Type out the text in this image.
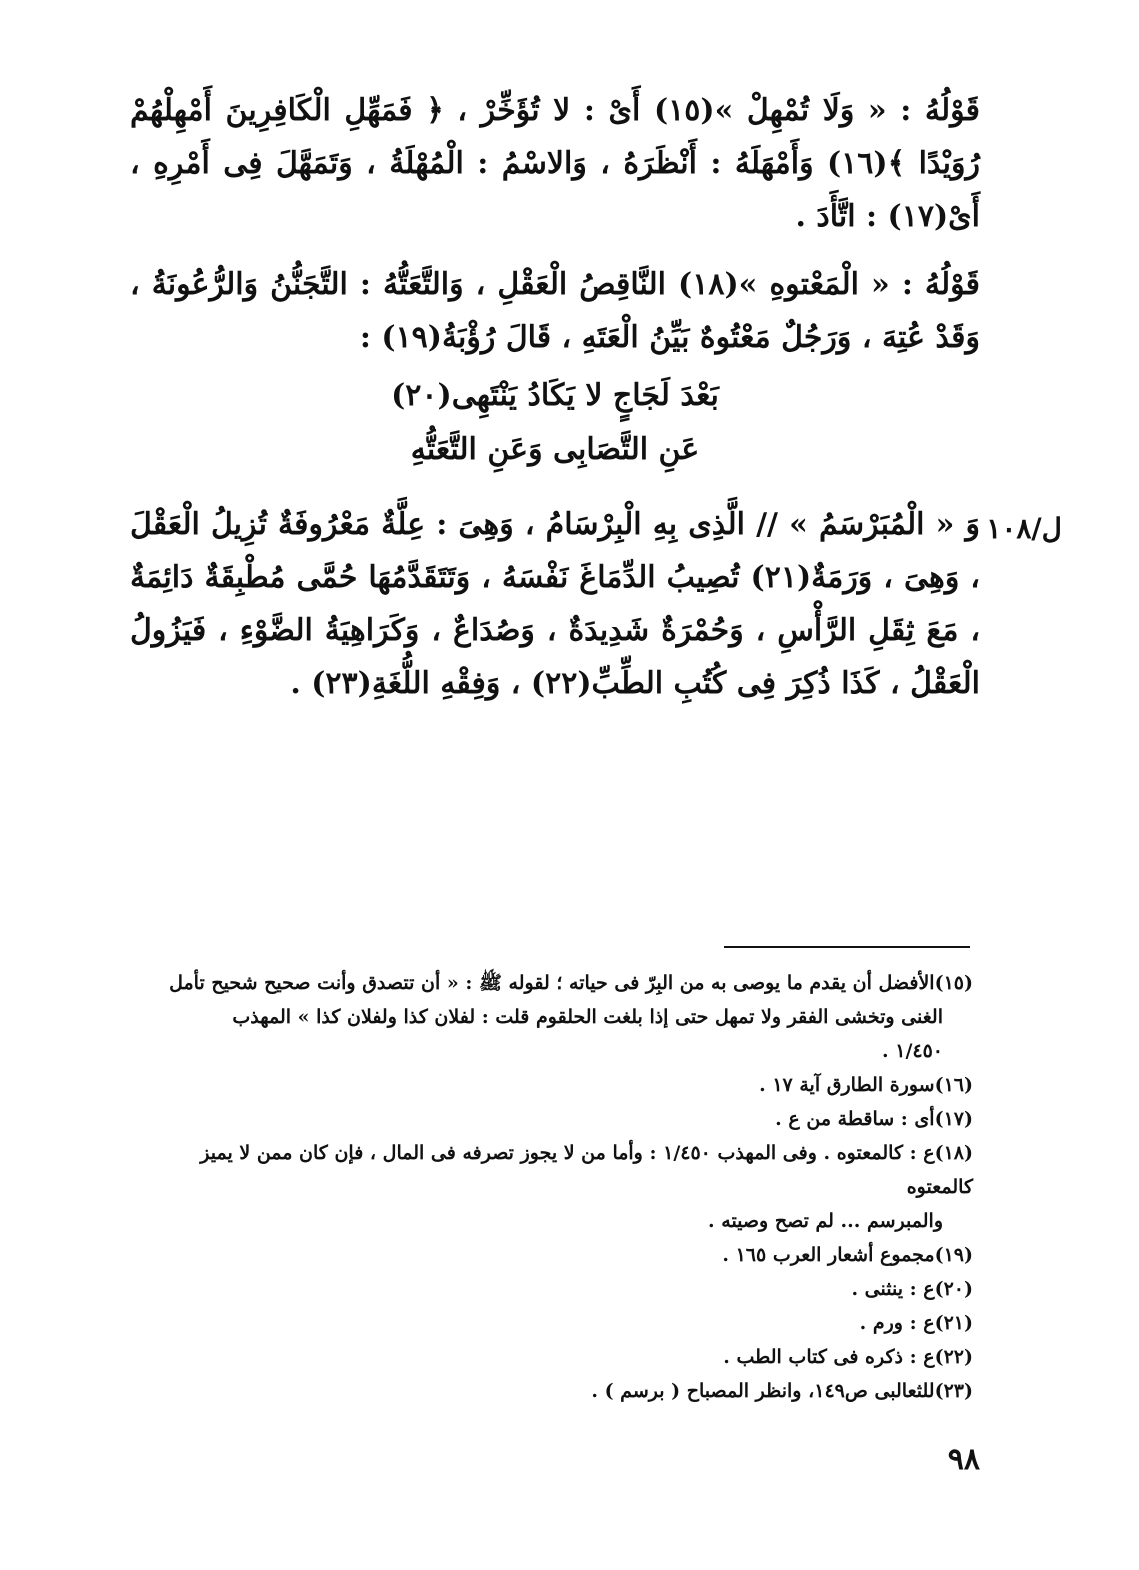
قَوْلُهُ : « وَلَا تُمْهِلْ »(١٥) أَىْ : لا تُؤَخِّرْ ، ﴿ فَمَهِّلِ الْكَافِرِينَ أَمْهِلْهُمْ رُوَيْدًا ﴾(١٦) وَأَمْهَلَهُ : أَنْظَرَهُ ، وَالاسْمُ : الْمُهْلَةُ ، وَتَمَهَّلَ فِى أَمْرِهِ ، أَىْ(١٧) : اتَّأَدَ .

قَوْلُهُ : « الْمَعْتوهِ »(١٨) النَّاقِصُ الْعَقْلِ ، وَالتَّعَتُّهُ : التَّجَنُّنُ وَالرُّعُونَةُ ، وَقَدْ عُتِهَ ، وَرَجُلٌ مَعْتُوهٌ بَيِّنُ الْعَتَهِ ، قَالَ رُؤْبَةُ(١٩) :

بَعْدَ لَجَاجٍ لا يَكَادُ يَنْتَهِى(٢٠)
عَنِ التَّصَابِى وَعَنِ التَّعَتُّهِ
ل/١٠٨

وَ « الْمُبَرْسَمُ » // الَّذِى بِهِ الْبِرْسَامُ ، وَهِىَ : عِلَّةٌ مَعْرُوفَةٌ تُزِيلُ الْعَقْلَ ، وَهِىَ ، وَرَمَةٌ(٢١) تُصِيبُ الدِّمَاغَ نَفْسَهُ ، وَتَتَقَدَّمُهَا حُمَّى مُطْبِقَةٌ دَائِمَةٌ ، مَعَ ثِقَلِ الرَّأْسِ ، وَحُمْرَةٌ شَدِيدَةٌ ، وَصُدَاعٌ ، وَكَرَاهِيَةُ الضَّوْءِ ، فَيَزُولُ الْعَقْلُ ، كَذَا ذُكِرَ فِى كُتُبِ الطِّبِّ(٢٢) ، وَفِقْهِ اللُّغَةِ(٢٣) .

(١٥)الأفضل أن يقدم ما يوصى به من البِرّ فى حياته ؛ لقوله ﷺ : « أن تتصدق وأنت صحيح شحيح تأمل
الغنى وتخشى الفقر ولا تمهل حتى إذا بلغت الحلقوم قلت : لفلان كذا ولفلان كذا » المهذب
١/٤٥٠ .
(١٦)سورة الطارق آية ١٧ .
(١٧)أى : ساقطة من ع .
(١٨)ع : كالمعتوه . وفى المهذب ١/٤٥٠ : وأما من لا يجوز تصرفه فى المال ، فإن كان ممن لا يميز كالمعتوه
والمبرسم ... لم تصح وصيته .
(١٩)مجموع أشعار العرب ١٦٥ .
(٢٠)ع : ينثنى .
(٢١)ع : ورم .
(٢٢)ع : ذكره فى كتاب الطب .
(٢٣)للثعالبى ص١٤٩، وانظر المصباح ( برسم ) .
٩٨
